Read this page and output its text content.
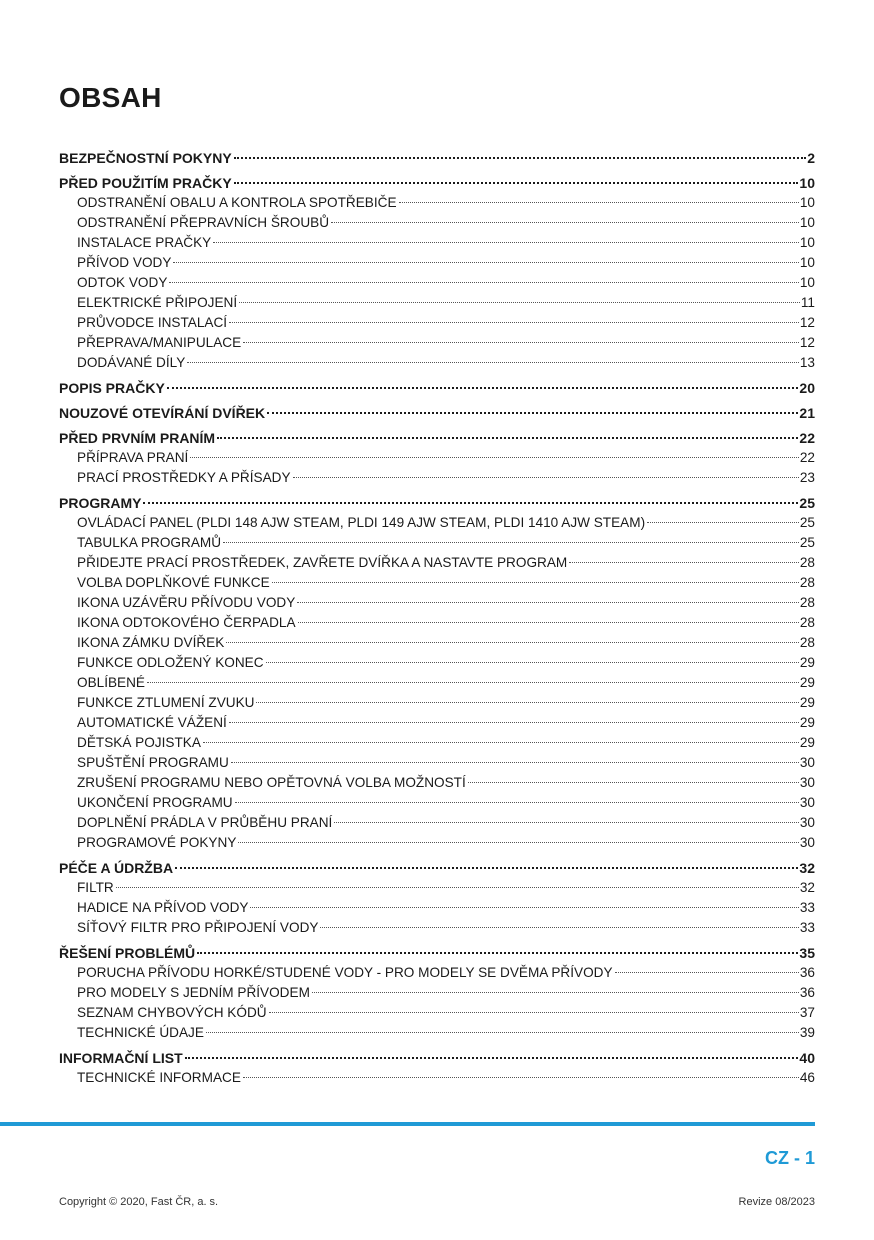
OBSAH
BEZPEČNOSTNÍ POKYNY	2
PŘED POUŽITÍM PRAČKY	10
ODSTRANĚNÍ OBALU A KONTROLA SPOTŘEBIČE	10
ODSTRANĚNÍ PŘEPRAVNÍCH ŠROUBŮ	10
INSTALACE PRAČKY	10
PŘÍVOD VODY	10
ODTOK VODY	10
ELEKTRICKÉ PŘIPOJENÍ	11
PRŮVODCE INSTALACÍ	12
PŘEPRAVA/MANIPULACE	12
DODÁVANÉ DÍLY	13
POPIS PRAČKY	20
NOUZOVÉ OTEVÍRÁNÍ DVÍŘEK	21
PŘED PRVNÍM PRANÍM	22
PŘÍPRAVA PRANÍ	22
PRACÍ PROSTŘEDKY A PŘÍSADY	23
PROGRAMY	25
OVLÁDACÍ PANEL (PLDI 148 AJW STEAM, PLDI 149 AJW STEAM, PLDI 1410 AJW STEAM)	25
TABULKA PROGRAMŮ	25
PŘIDEJTE PRACÍ PROSTŘEDEK, ZAVŘETE DVÍŘKA A NASTAVTE PROGRAM	28
VOLBA DOPLŇKOVÉ FUNKCE	28
IKONA UZÁVĚRU PŘÍVODU VODY	28
IKONA ODTOKOVÉHO ČERPADLA	28
IKONA ZÁMKU DVÍŘEK	28
FUNKCE ODLOŽENÝ KONEC	29
OBLÍBENÉ	29
FUNKCE ZTLUMENÍ ZVUKU	29
AUTOMATICKÉ VÁŽENÍ	29
DĚTSKÁ POJISTKA	29
SPUŠTĚNÍ PROGRAMU	30
ZRUŠENÍ PROGRAMU NEBO OPĚTOVNÁ VOLBA MOŽNOSTÍ	30
UKONČENÍ PROGRAMU	30
DOPLNĚNÍ PRÁDLA V PRŮBĚHU PRANÍ	30
PROGRAMOVÉ POKYNY	30
PÉČE A ÚDRŽBA	32
FILTR	32
HADICE NA PŘÍVOD VODY	33
SÍŤOVÝ FILTR PRO PŘIPOJENÍ VODY	33
ŘEŠENÍ PROBLÉMŮ	35
PORUCHA PŘÍVODU HORKÉ/STUDENÉ VODY - PRO MODELY SE DVĚMA PŘÍVODY	36
PRO MODELY S JEDNÍM PŘÍVODEM	36
SEZNAM CHYBOVÝCH KÓDŮ	37
TECHNICKÉ ÚDAJE	39
INFORMAČNÍ LIST	40
TECHNICKÉ INFORMACE	46
CZ - 1
Copyright © 2020, Fast ČR, a. s.	Revize 08/2023
